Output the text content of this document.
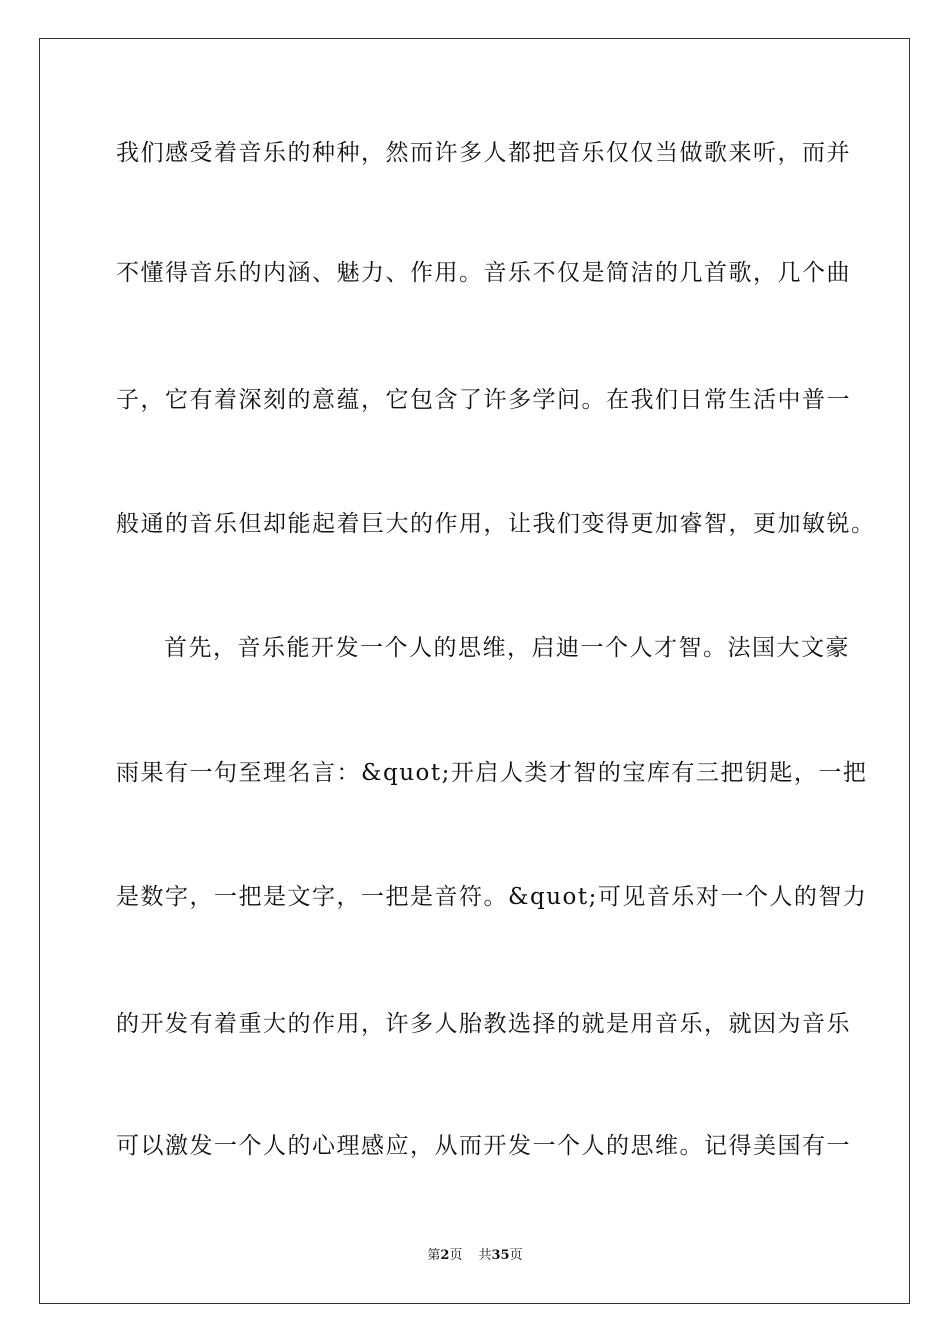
我们感受着音乐的种种，然而许多人都把音乐仅仅当做歌来听，而并
不懂得音乐的内涵、魅力、作用。音乐不仅是简洁的几首歌，几个曲
子，它有着深刻的意蕴，它包含了许多学问。在我们日常生活中普一
般通的音乐但却能起着巨大的作用，让我们变得更加睿智，更加敏锐。
首先，音乐能开发一个人的思维，启迪一个人才智。法国大文豪
雨果有一句至理名言：&quot;开启人类才智的宝库有三把钥匙，一把
是数字，一把是文字，一把是音符。&quot;可见音乐对一个人的智力
的开发有着重大的作用，许多人胎教选择的就是用音乐，就因为音乐
可以激发一个人的心理感应，从而开发一个人的思维。记得美国有一
第2页 共35页
